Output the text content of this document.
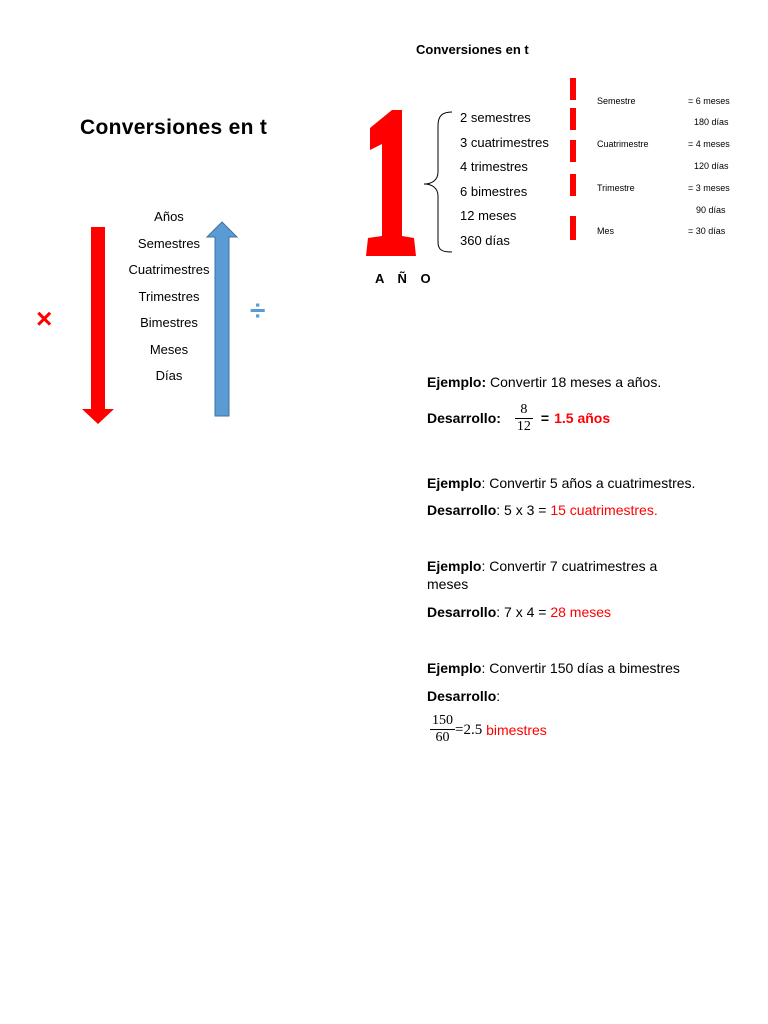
Conversiones en t
Conversiones en t
×	÷
Años
Semestres
Cuatrimestres
Trimestres
Bimestres
Meses
Días
1
A Ñ O
2 semestres
3 cuatrimestres
4 trimestres
6 bimestres
12 meses
360 días
Semestre	= 6 meses
180 días
Cuatrimestre	= 4 meses
120 días
Trimestre	= 3 meses
90 días
Mes	= 30 días
Ejemplo: Convertir 18 meses a años.
Desarrollo: $\frac{8}{12} = 1.5$ años
Ejemplo: Convertir 5 años a cuatrimestres.
Desarrollo: 5 x 3 = 15 cuatrimestres.
Ejemplo: Convertir 7 cuatrimestres a meses
Desarrollo: 7 x 4 = 28 meses
Ejemplo: Convertir 150 días a bimestres
Desarrollo:
$\frac{150}{60} =2.5$ bimestres
